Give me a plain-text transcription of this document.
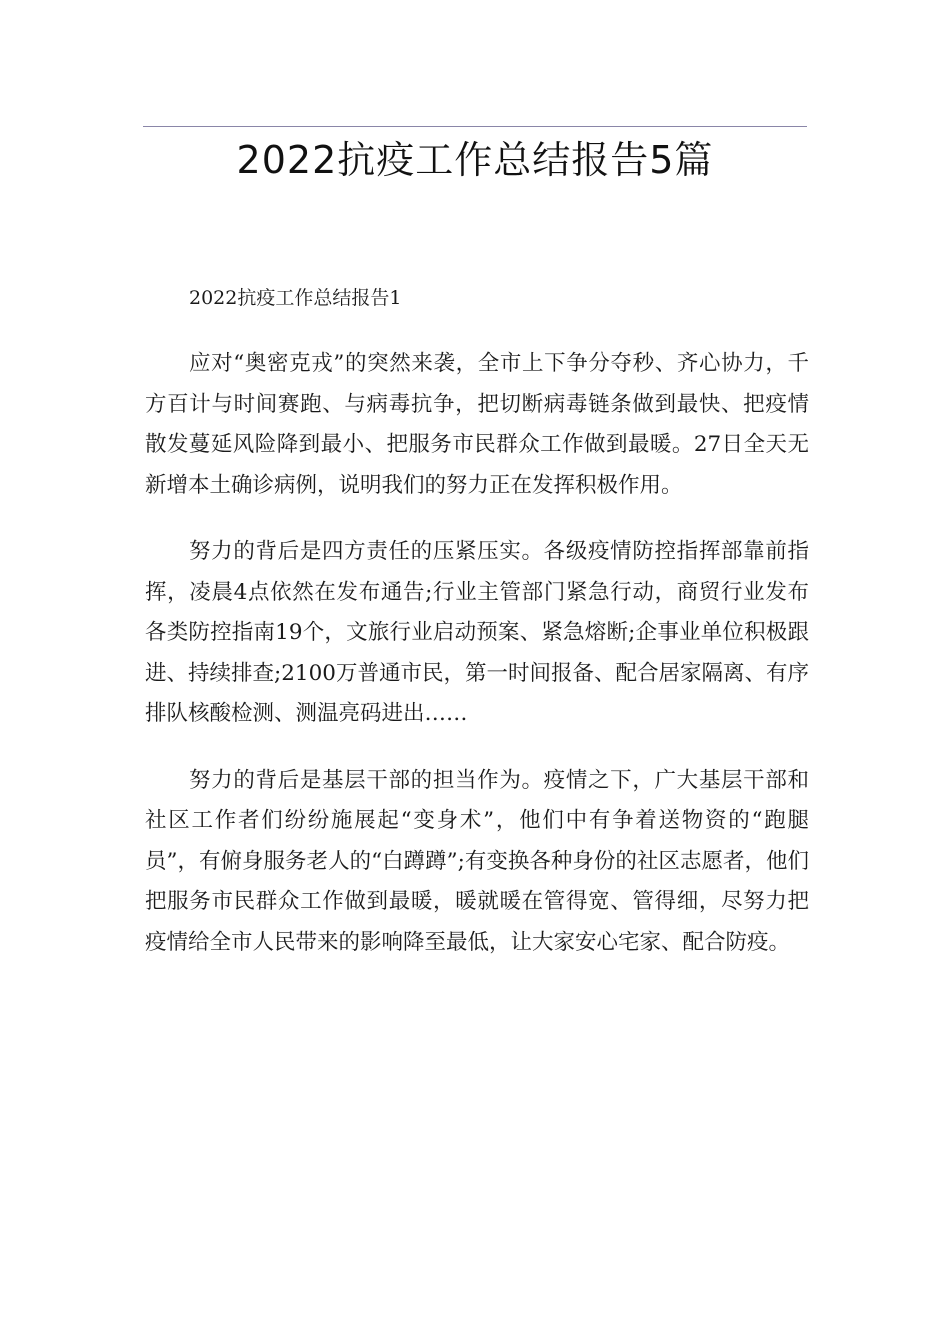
2022抗疫工作总结报告5篇

2022抗疫工作总结报告1

应对“奥密克戎”的突然来袭，全市上下争分夺秒、齐心协力，千方百计与时间赛跑、与病毒抗争，把切断病毒链条做到最快、把疫情散发蔓延风险降到最小、把服务市民群众工作做到最暖。27日全天无新增本土确诊病例，说明我们的努力正在发挥积极作用。

努力的背后是四方责任的压紧压实。各级疫情防控指挥部靠前指挥，凌晨4点依然在发布通告;行业主管部门紧急行动，商贸行业发布各类防控指南19个，文旅行业启动预案、紧急熔断;企事业单位积极跟进、持续排查;2100万普通市民，第一时间报备、配合居家隔离、有序排队核酸检测、测温亮码进出……

努力的背后是基层干部的担当作为。疫情之下，广大基层干部和社区工作者们纷纷施展起“变身术”，他们中有争着送物资的“跑腿员”，有俯身服务老人的“白蹲蹲”;有变换各种身份的社区志愿者，他们把服务市民群众工作做到最暖，暖就暖在管得宽、管得细，尽努力把疫情给全市人民带来的影响降至最低，让大家安心宅家、配合防疫。
